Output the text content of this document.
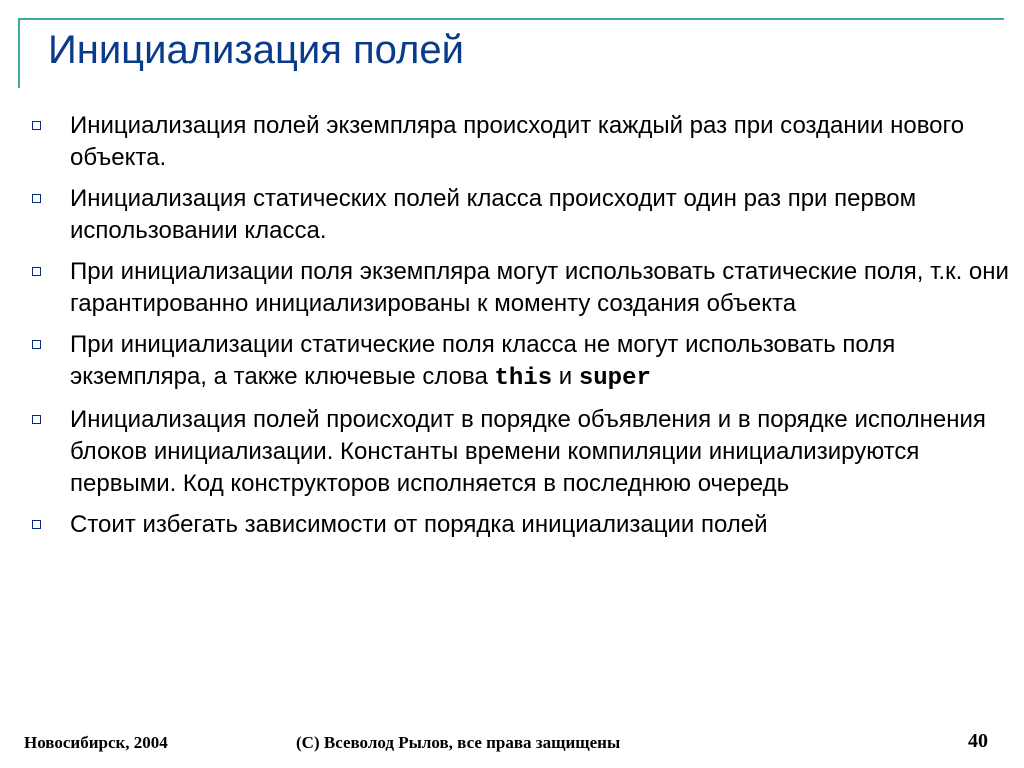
Инициализация полей
Инициализация полей экземпляра происходит каждый раз при создании нового объекта.
Инициализация статических полей класса происходит один раз при первом использовании класса.
При инициализации поля экземпляра могут использовать статические поля, т.к. они гарантированно инициализированы к моменту создания объекта
При инициализации статические поля класса не могут использовать поля экземпляра, а также ключевые слова this и super
Инициализация полей происходит в порядке объявления и в порядке исполнения блоков инициализации. Константы времени компиляции инициализируются первыми. Код конструкторов исполняется в последнюю очередь
Стоит избегать зависимости от порядка инициализации полей
Новосибирск, 2004	(C) Всеволод Рылов, все права защищены	40
